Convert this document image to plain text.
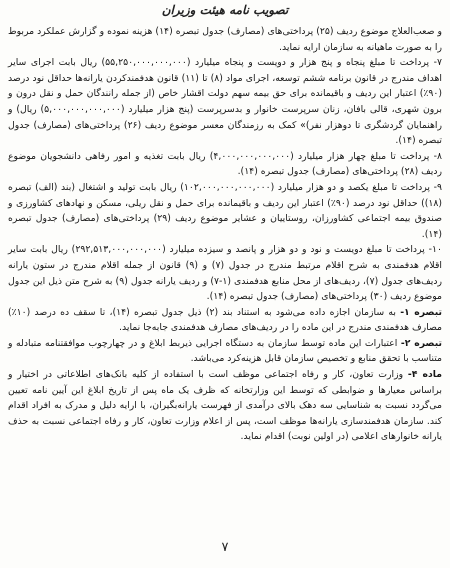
تصویب نامه هیئت وزیران

و صعب‌العلاج موضوع ردیف (۲۵) پرداختی‌های (مصارف) جدول تبصره (۱۴) هزینه نموده و گزارش عملکرد مربوط را به صورت ماهیانه به سازمان ارایه نماید.

۷- پرداخت تا مبلغ پنجاه و پنج هزار و دویست و پنجاه میلیارد (۵۵,۲۵۰,۰۰۰,۰۰۰,۰۰۰) ریال بابت اجرای سایر اهداف مندرج در قانون برنامه ششم توسعه، اجرای مواد (۸) تا (۱۱) قانون هدفمندکردن یارانه‌ها حداقل نود درصد (۹۰٪) اعتبار این ردیف و باقیمانده برای حق بیمه سهم دولت اقشار خاص (از جمله رانندگان حمل و نقل درون و برون شهری، قالی بافان، زنان سرپرست خانوار و بدسرپرست (پنج هزار میلیارد (۵,۰۰۰,۰۰۰,۰۰۰,۰۰۰) ریال) و راهنمایان گردشگری تا دوهزار نفر)» کمک به رزمندگان معسر موضوع ردیف (۲۶) پرداختی‌های (مصارف) جدول تبصره (۱۴).

۸- پرداخت تا مبلغ چهار هزار میلیارد (۴,۰۰۰,۰۰۰,۰۰۰,۰۰۰) ریال بابت تغذیه و امور رفاهی دانشجویان موضوع ردیف (۲۸) پرداختی‌های (مصارف) جدول تبصره (۱۴).

۹- پرداخت تا مبلغ یکصد و دو هزار میلیارد (۱۰۲,۰۰۰,۰۰۰,۰۰۰,۰۰۰) ریال بابت تولید و اشتغال (بند (الف) تبصره (۱۸)) حداقل نود درصد (۹۰٪) اعتبار این ردیف و باقیمانده برای حمل و نقل ریلی، مسکن و نهادهای کشاورزی و صندوق بیمه اجتماعی کشاورزان، روستاییان و عشایر موضوع ردیف (۲۹) پرداختی‌های (مصارف) جدول تبصره (۱۴).

۱۰- پرداخت تا مبلغ دویست و نود و دو هزار و پانصد و سیزده میلیارد (۲۹۲,۵۱۳,۰۰۰,۰۰۰,۰۰۰) ریال بابت سایر اقلام هدفمندی به شرح اقلام مرتبط مندرج در جدول (۷) و (۹) قانون از جمله اقلام مندرج در ستون یارانه ردیف‌های جدول (۷)، ردیف‌های از محل منابع هدفمندی (۱-۷) و ردیف یارانه جدول (۹) به شرح متن ذیل این جدول موضوع ردیف (۳۰) پرداختی‌های (مصارف) جدول تبصره (۱۴).

تبصره ۱- به سازمان اجازه داده می‌شود به استناد بند (۲) ذیل جدول تبصره (۱۴)، تا سقف ده درصد (۱۰٪) مصارف هدفمندی مندرج در این ماده را در ردیف‌های مصارف هدفمندی جابه‌جا نماید.

تبصره ۲- اعتبارات این ماده توسط سازمان به دستگاه اجرایی ذیربط ابلاغ و در چهارچوب موافقتنامه متبادله و متناسب با تحقق منابع و تخصیص سازمان قابل هزینه‌کرد می‌باشد.

ماده ۴- وزارت تعاون، کار و رفاه اجتماعی موظف است با استفاده از کلیه بانک‌های اطلاعاتی در اختیار و براساس معیارها و ضوابطی که توسط این وزارتخانه که ظرف یک ماه پس از تاریخ ابلاغ این آیین نامه تعیین می‌گردد نسبت به شناسایی سه دهک بالای درآمدی از فهرست یارانه‌بگیران، با ارایه دلیل و مدرک به افراد اقدام کند. سازمان هدفمندسازی یارانه‌ها موظف است، پس از اعلام وزارت تعاون، کار و رفاه اجتماعی نسبت به حذف یارانه خانوارهای اعلامی (در اولین نوبت) اقدام نماید.

۷
